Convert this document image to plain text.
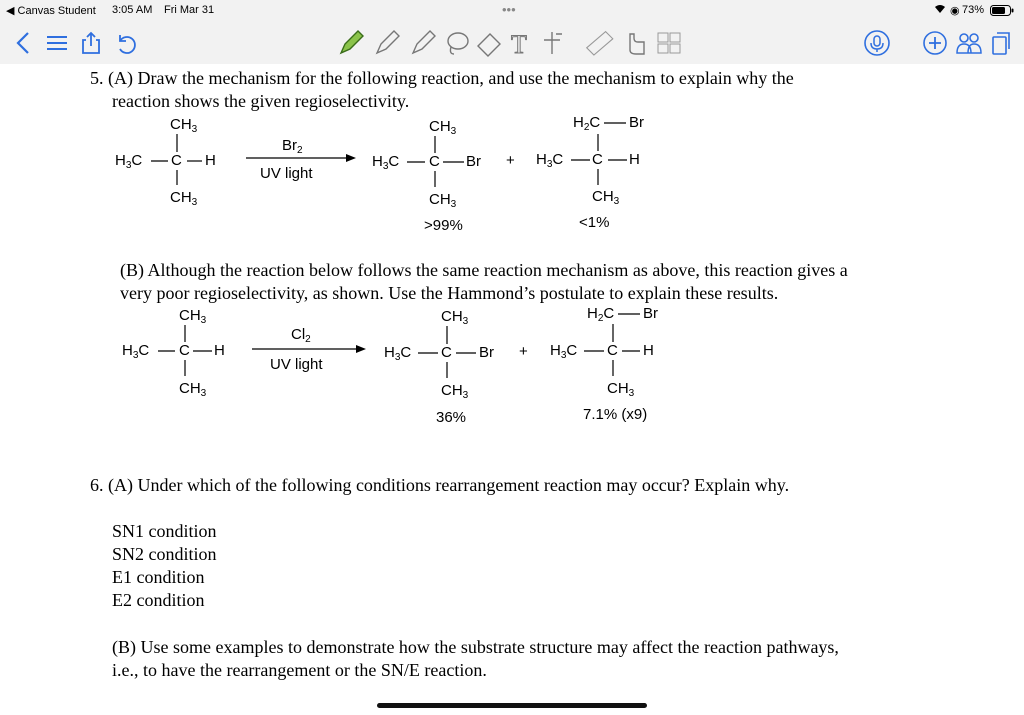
◀ Canvas Student 3:05 AM Fri Mar 31	•••	◉ 73%
T
5. (A) Draw the mechanism for the following reaction, and use the mechanism to explain why the
reaction shows the given regioselectivity.
$CH_3$
$H_3C$ C H
$CH_3$
$Br_2$
UV light
$CH_3$
$H_3C$ C Br
$CH_3$
>99%
+
$H_2C$ Br
$H_3C$ C H
$CH_3$
<1%
(B) Although the reaction below follows the same reaction mechanism as above, this reaction gives a
very poor regioselectivity, as shown. Use the Hammond’s postulate to explain these results.
$CH_3$
$H_3C$ C H
$CH_3$
$Cl_2$
UV light
$CH_3$
$H_3C$ C Br
$CH_3$
36%
+
$H_2C$ Br
$H_3C$ C H
$CH_3$
7.1% (x9)
6. (A) Under which of the following conditions rearrangement reaction may occur? Explain why.
SN1 condition
SN2 condition
E1 condition
E2 condition
(B) Use some examples to demonstrate how the substrate structure may affect the reaction pathways,
i.e., to have the rearrangement or the SN/E reaction.
